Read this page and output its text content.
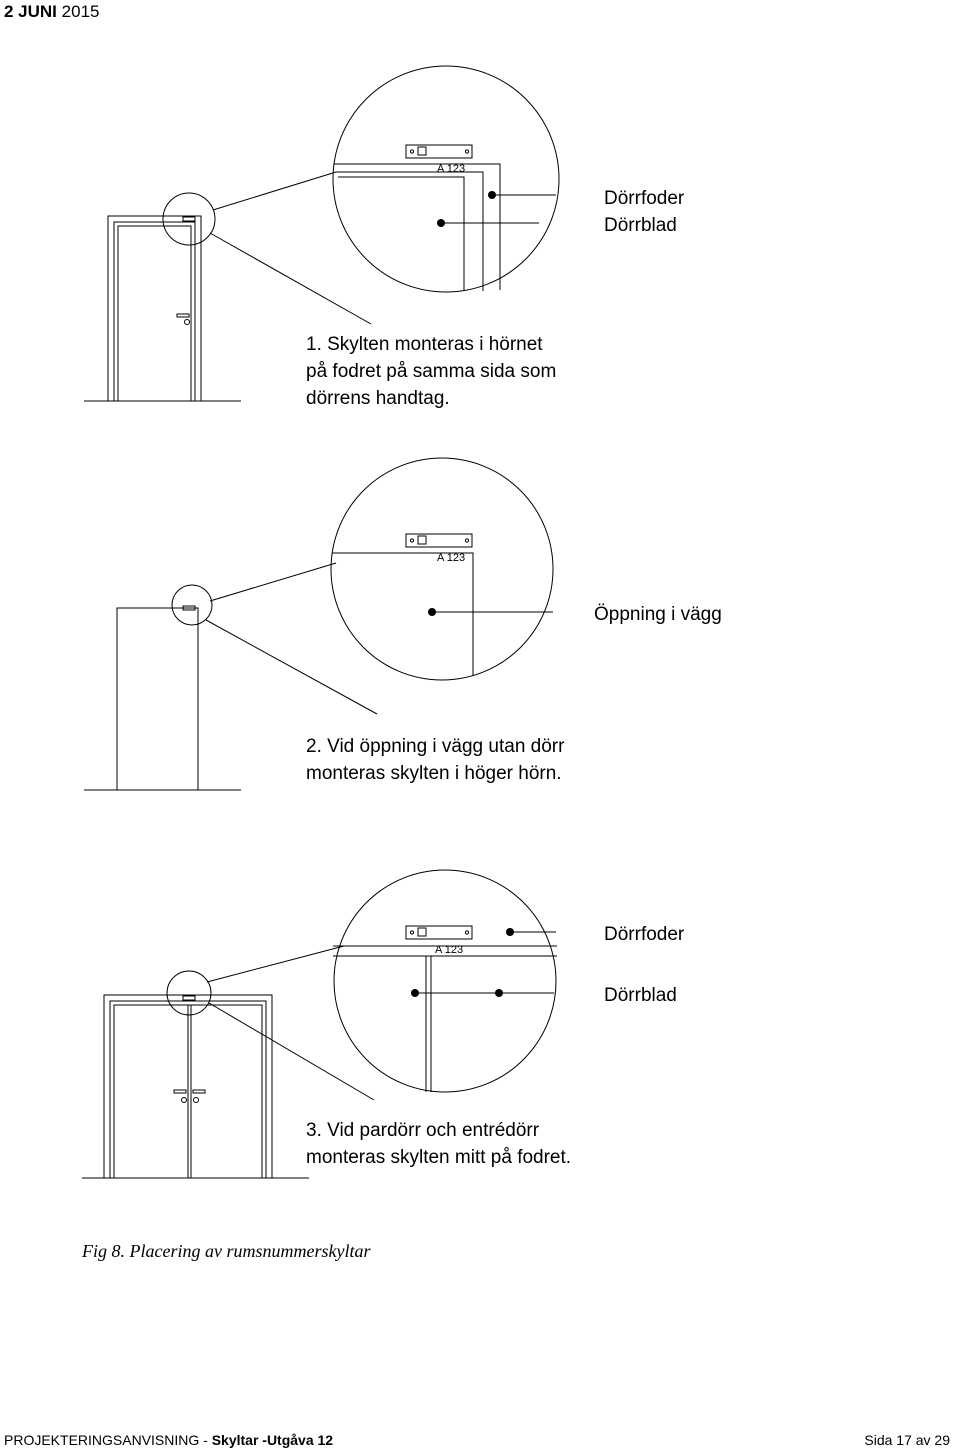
2 JUNI 2015
A 123
A 123
A 123
Dörrfoder
Dörrblad
1. Skylten monteras i hörnet
på fodret på samma sida som
dörrens handtag.
Öppning i vägg
2. Vid öppning i vägg utan dörr
monteras skylten i höger hörn.
Dörrfoder
Dörrblad
3. Vid pardörr och entrédörr
monteras skylten mitt på fodret.
Fig 8. Placering av rumsnummerskyltar
PROJEKTERINGSANVISNING - Skyltar -Utgåva 12	Sida 17 av 29
